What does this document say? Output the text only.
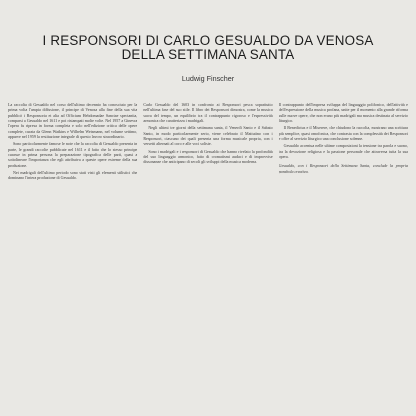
I RESPONSORI DI CARLO GESUALDO DA VENOSA
DELLA SETTIMANA SANTA
Ludwig Finscher

La raccolta di Gesualdo nel corso dell'ultimo decennio ha conosciuto per la prima volta l'ampia diffusione, il principe di Venosa alla fine della sua vita pubblicò i Responsoria et alia ad Officium Hebdomadae Sanctae spectantia, comparsi a Gesualdo nel 1611 e poi ristampati molte volte. Nel 1957 a Ginevra l'opera fu ripresa in forma completa e solo nell'edizione critica delle opere complete, curata da Glenn Watkins e Wilhelm Weismann, nel volume settimo, apparve nel 1959 la restituzione integrale di questo lavoro straordinario.

Sono particolarmente famose le note che la raccolta di Gesualdo presenta in parte, le grandi raccolte pubblicate nel 1611 e il fatto che lo stesso principe curasse in prima persona la preparazione tipografica delle parti, quasi a sottolineare l'importanza che egli attribuiva a queste opere estreme della sua produzione.

Nei madrigali dell'ultimo periodo sono stati visti gli elementi stilistici che dominano l'intera produzione di Gesualdo.

Carlo Gesualdo del 1603 in confronto ai Responsori pesca soprattutto nell'ultima fase del suo stile. Il libro dei Responsori dimostra, come la musica sacra del tempo, un equilibrio tra il contrappunto rigoroso e l'espressività armonica che caratterizza i madrigali.

Negli ultimi tre giorni della settimana santa, il Venerdì Santo e il Sabato Santo, in modo particolarmente serio, viene celebrato il Mattutino con i Responsori, ciascuno dei quali presenta una forma musicale propria, con i versetti alternati al coro e alle voci soliste.

Sono i madrigali e i responsori di Gesualdo che hanno rivelato la profondità del suo linguaggio armonico, fatto di cromatismi audaci e di improvvise dissonanze che anticipano di secoli gli sviluppi della musica moderna.

Il contrappunto dell'impresa sviluppa del linguaggio polifonico, dell'attività e dell'espressione della musica profana, unite per il momento alla grande riforma sulle nuove opere, che non erano più madrigali ma musica destinata al servizio liturgico.

Il Benedictus e il Miserere, che chiudono la raccolta, mostrano una scrittura più semplice, quasi omofonica, che contrasta con la complessità dei Responsori e offre al servizio liturgico una conclusione solenne.

Gesualdo accentua nelle ultime composizioni la tensione tra parola e suono, tra la devozione religiosa e la passione personale che attraversa tutta la sua opera.

Gesualdo, con i Responsori della Settimana Santa, conclude la propria parabola creativa.
